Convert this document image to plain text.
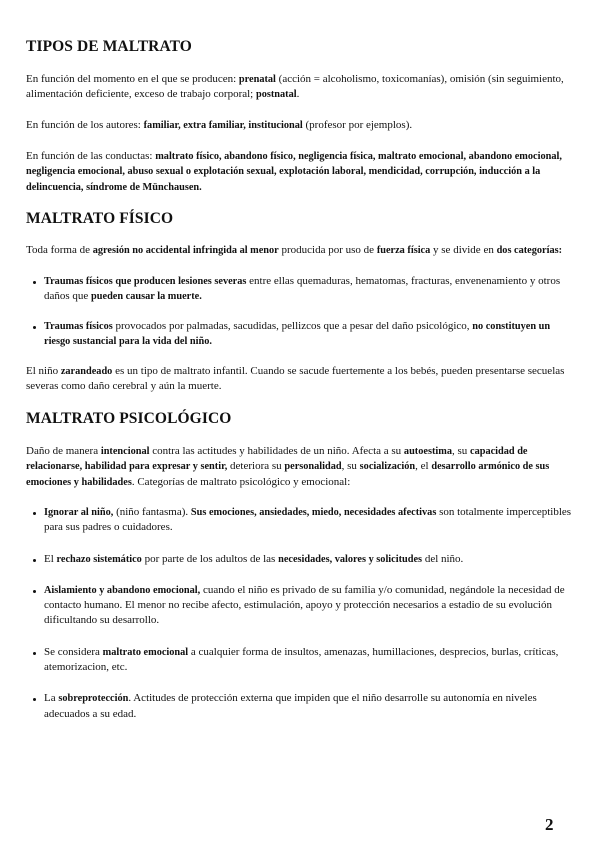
TIPOS DE MALTRATO

En función del momento en el que se producen: prenatal (acción = alcoholismo, toxicomanías), omisión (sin seguimiento, alimentación deficiente, exceso de trabajo corporal; postnatal.

En función de los autores: familiar, extra familiar, institucional (profesor por ejemplos).

En función de las conductas: maltrato físico, abandono físico, negligencia física, maltrato emocional, abandono emocional, negligencia emocional, abuso sexual o explotación sexual, explotación laboral, mendicidad, corrupción, inducción a la delincuencia, síndrome de Münchausen.

MALTRATO FÍSICO

Toda forma de agresión no accidental infringida al menor producida por uso de fuerza física y se divide en dos categorías:

Traumas físicos que producen lesiones severas entre ellas quemaduras, hematomas, fracturas, envenenamiento y otros daños que pueden causar la muerte.
Traumas físicos provocados por palmadas, sacudidas, pellizcos que a pesar del daño psicológico, no constituyen un riesgo sustancial para la vida del niño.

El niño zarandeado es un tipo de maltrato infantil. Cuando se sacude fuertemente a los bebés, pueden presentarse secuelas severas como daño cerebral y aún la muerte.

MALTRATO PSICOLÓGICO

Daño de manera intencional contra las actitudes y habilidades de un niño. Afecta a su autoestima, su capacidad de relacionarse, habilidad para expresar y sentir, deteriora su personalidad, su socialización, el desarrollo armónico de sus emociones y habilidades. Categorías de maltrato psicológico y emocional:

Ignorar al niño, (niño fantasma). Sus emociones, ansiedades, miedo, necesidades afectivas son totalmente imperceptibles para sus padres o cuidadores.
El rechazo sistemático por parte de los adultos de las necesidades, valores y solicitudes del niño.
Aislamiento y abandono emocional, cuando el niño es privado de su familia y/o comunidad, negándole la necesidad de contacto humano. El menor no recibe afecto, estimulación, apoyo y protección necesarios a estadio de su evolución dificultando su desarrollo.
Se considera maltrato emocional a cualquier forma de insultos, amenazas, humillaciones, desprecios, burlas, críticas, atemorizacion, etc.
La sobreprotección. Actitudes de protección externa que impiden que el niño desarrolle su autonomía en niveles adecuados a su edad.
2
